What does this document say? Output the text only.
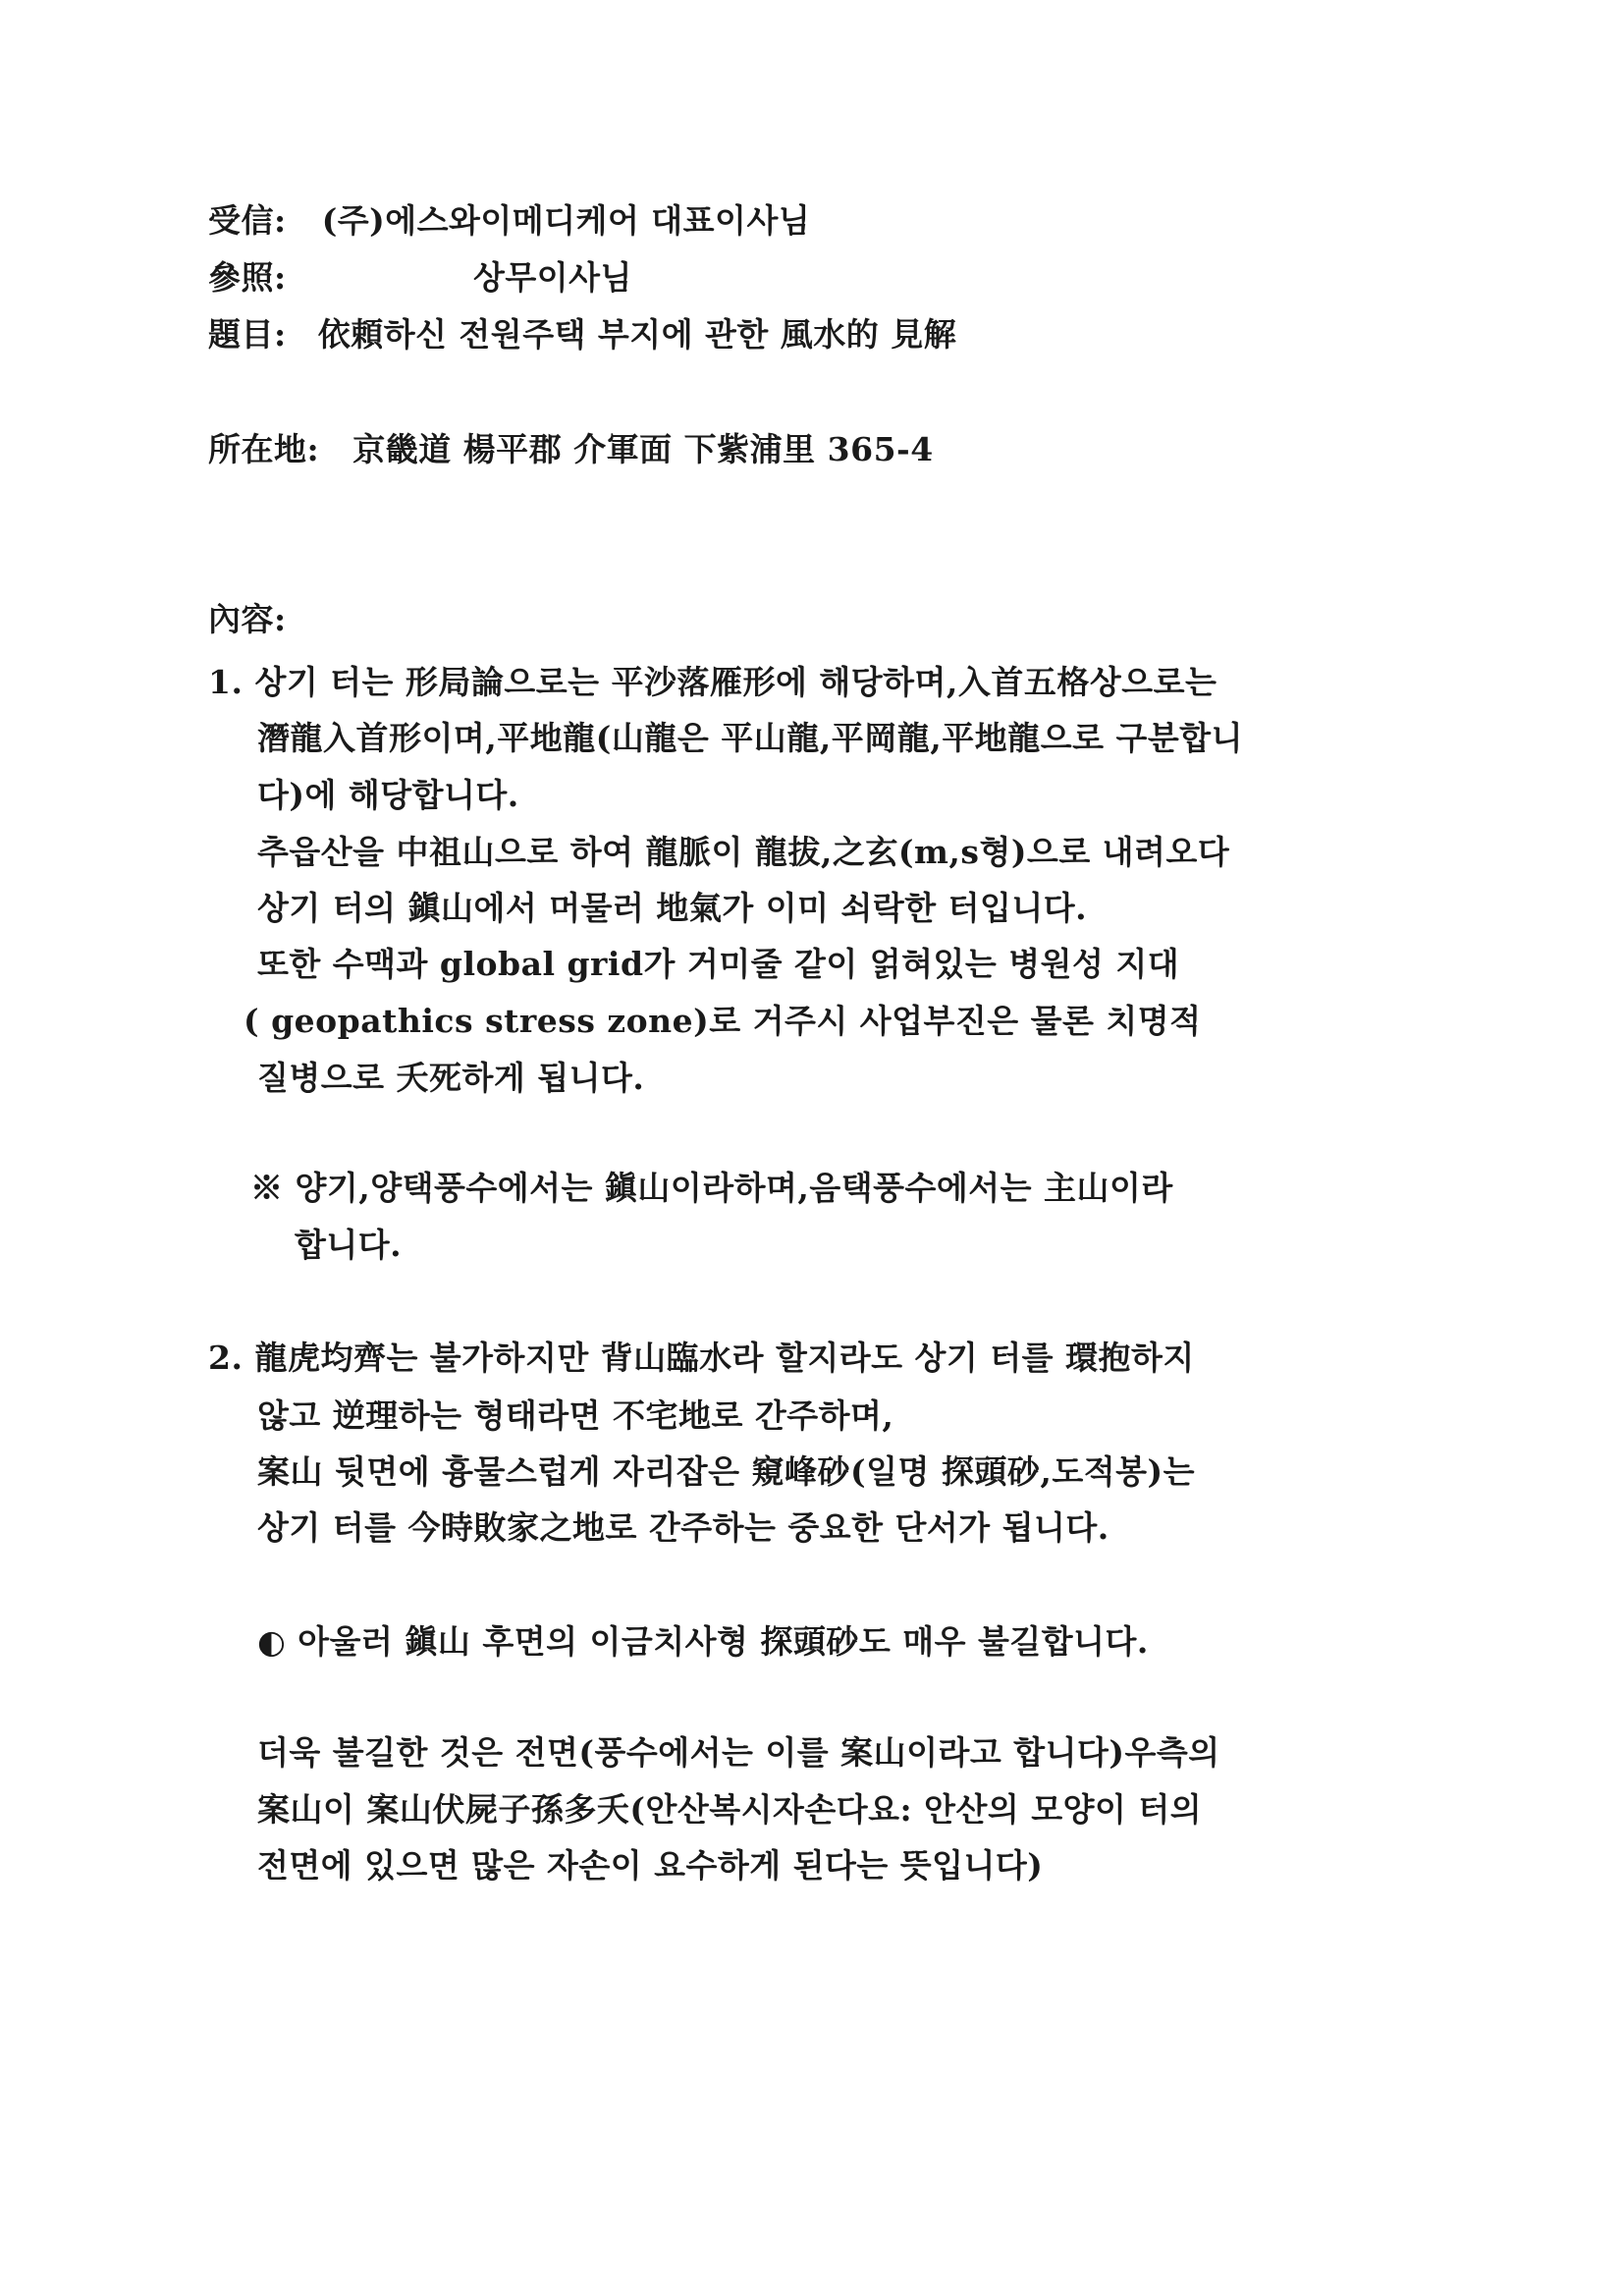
受信: (주)에스와이메디케어 대표이사님
參照:	상무이사님
題目: 依頼하신 전원주택 부지에 관한 風水的 見解
所在地: 京畿道 楊平郡 介軍面 下紫浦里 365-4
內容:
1. 상기 터는 形局論으로는 平沙落雁形에 해당하며,入首五格상으로는
潛龍入首形이며,平地龍(山龍은 平山龍,平岡龍,平地龍으로 구분합니
다)에 해당합니다.
추읍산을 中祖山으로 하여 龍脈이 龍拔,之玄(m,s형)으로 내려오다
상기 터의 鎭山에서 머물러 地氣가 이미 쇠락한 터입니다.
또한 수맥과 global grid가 거미줄 같이 얽혀있는 병원성 지대
( geopathics stress zone)로 거주시 사업부진은 물론 치명적
질병으로 夭死하게 됩니다.
※ 양기,양택풍수에서는 鎭山이라하며,음택풍수에서는 主山이라
합니다.
2. 龍虎均齊는 불가하지만 背山臨水라 할지라도 상기 터를 環抱하지
않고 逆理하는 형태라면 不宅地로 간주하며,
案山 뒷면에 흉물스럽게 자리잡은 窺峰砂(일명 探頭砂,도적봉)는
상기 터를 今時敗家之地로 간주하는 중요한 단서가 됩니다.
◐ 아울러 鎭山 후면의 이금치사형 探頭砂도 매우 불길합니다.
더욱 불길한 것은 전면(풍수에서는 이를 案山이라고 합니다)우측의
案山이 案山伏屍子孫多夭(안산복시자손다요: 안산의 모양이 터의
전면에 있으면 많은 자손이 요수하게 된다는 뜻입니다)
